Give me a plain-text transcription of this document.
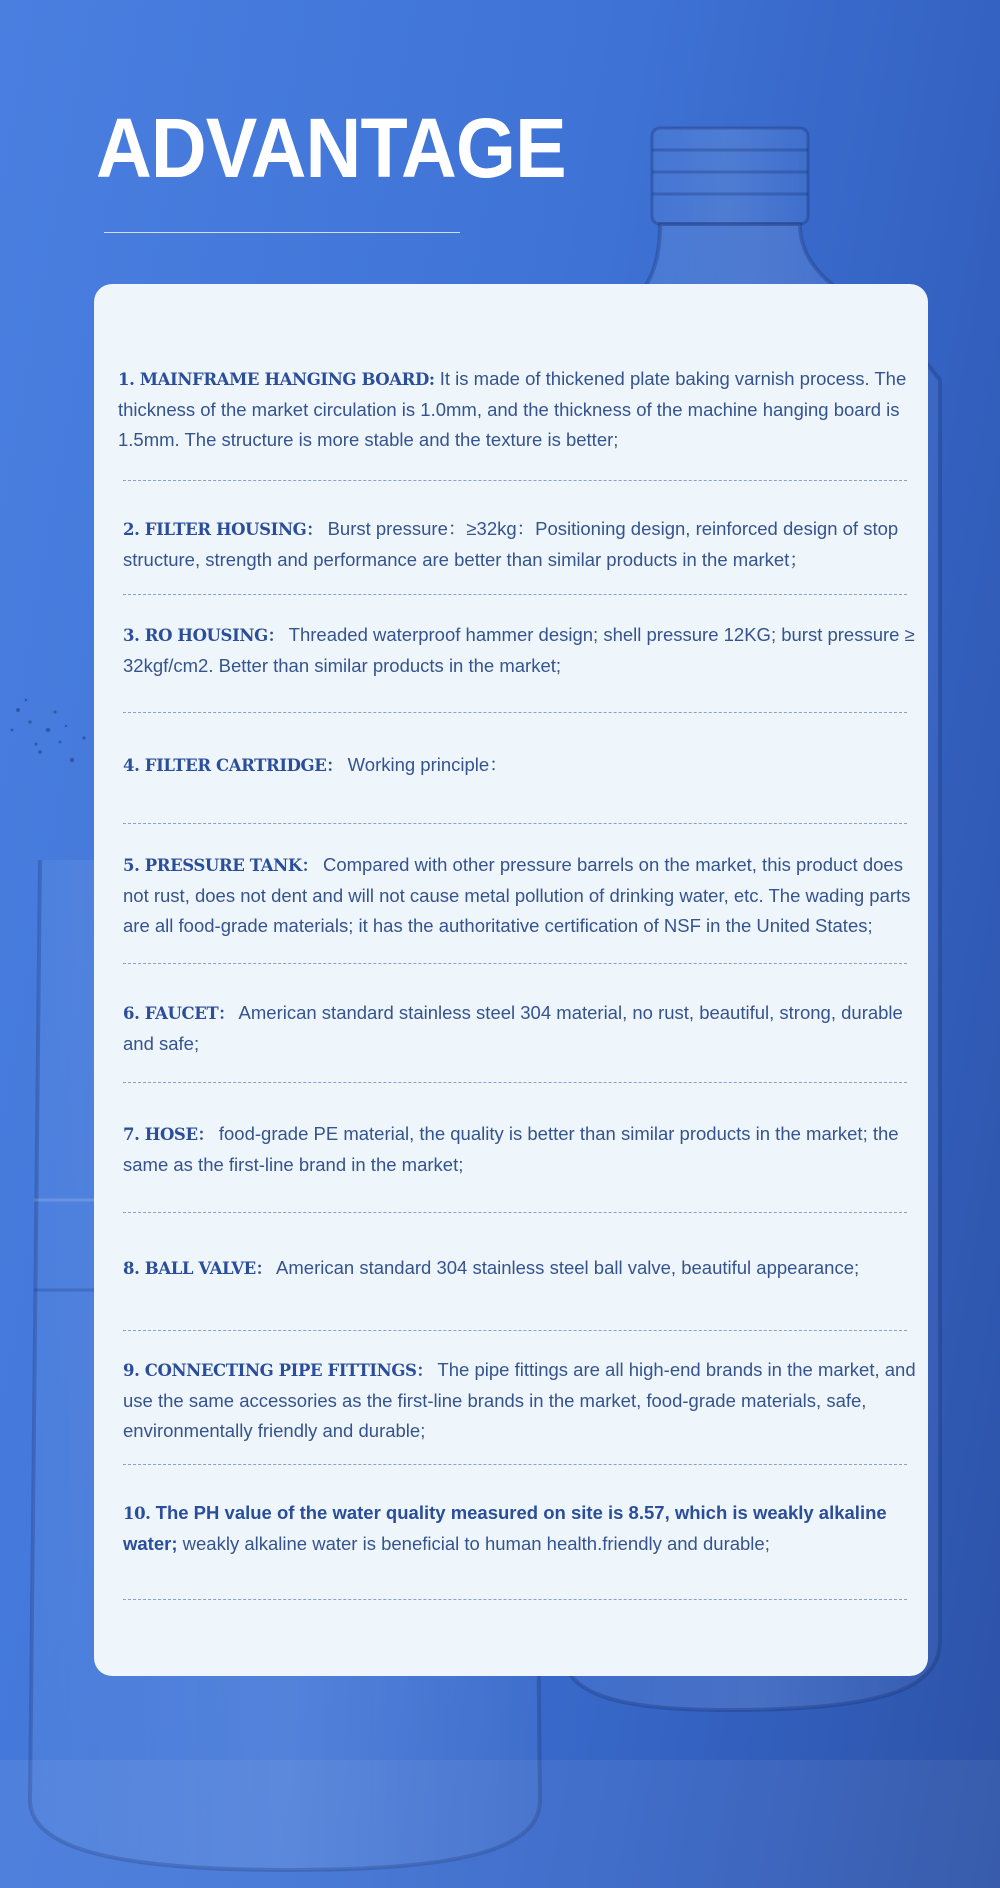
ADVANTAGE
1. MAINFRAME HANGING BOARD: It is made of thickened plate baking varnish process. The thickness of the market circulation is 1.0mm, and the thickness of the machine hanging board is 1.5mm. The structure is more stable and the texture is better;
2. FILTER HOUSING： Burst pressure：≥32kg：Positioning design, reinforced design of stop structure, strength and performance are better than similar products in the market；
3. RO HOUSING： Threaded waterproof hammer design; shell pressure 12KG; burst pressure ≥ 32kgf/cm2. Better than similar products in the market;
4. FILTER CARTRIDGE： Working principle：
5. PRESSURE TANK： Compared with other pressure barrels on the market, this product does not rust, does not dent and will not cause metal pollution of drinking water, etc. The wading parts are all food-grade materials; it has the authoritative certification of NSF in the United States;
6. FAUCET： American standard stainless steel 304 material, no rust, beautiful, strong, durable and safe;
7. HOSE： food-grade PE material, the quality is better than similar products in the market; the same as the first-line brand in the market;
8. BALL VALVE： American standard 304 stainless steel ball valve, beautiful appearance;
9. CONNECTING PIPE FITTINGS： The pipe fittings are all high-end brands in the market, and use the same accessories as the first-line brands in the market, food-grade materials, safe, environmentally friendly and durable;
10. The PH value of the water quality measured on site is 8.57, which is weakly alkaline water; weakly alkaline water is beneficial to human health.friendly and durable;
